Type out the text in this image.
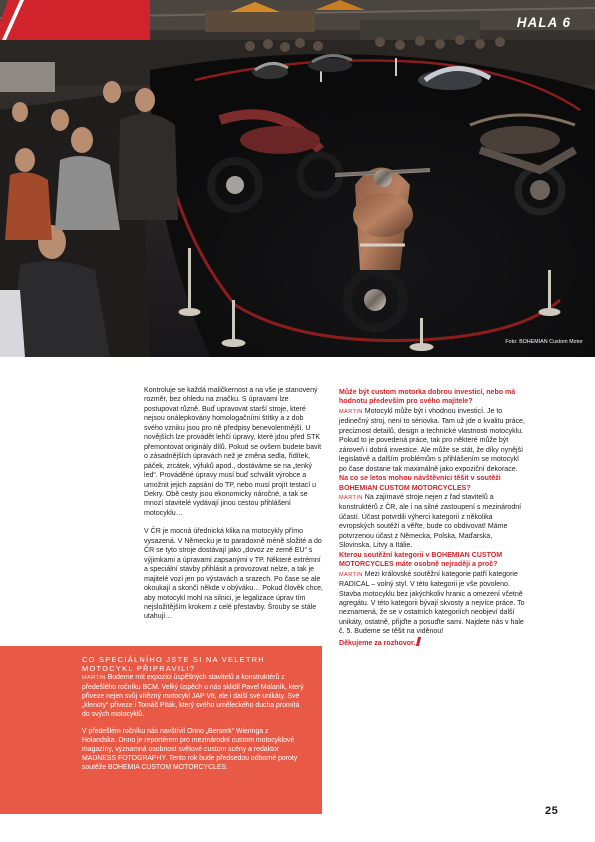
HALA 6
Foto: BOHEMIAN Custom Motor

Kontroluje se každá maličkernost a na vše je stanovený rozměr, bez ohledu na značku. S úpravami lze postupovat různě. Buď upravovat starší stroje, které nejsou onálepkovány homologačními štítky a z dob svého vzniku jsou pro ně předpisy benevolentnější. U novějších lze provádět lehčí úpravy, které jdou před STK přemontovat originály dílů. Pokud se ovšem budete bavit o zásadnějších úpravách než je změna sedla, řídítek, páček, zrcátek, výfuků apod., dostáváme se na „tenký led“. Prováděné úpravy musí buď schválit výrobce a umožnit jejich zapsání do TP, nebo musí projít testací u Dekry. Obě cesty jsou ekonomicky náročné, a tak se mnozí stavitelé vydávají jinou cestou přihlášení motocyklu…

V ČR je mocná úřednická klika na motocykly přímo vysazená. V Německu je to paradoxně méně složité a do ČR se tyto stroje dostávají jako „dovoz ze země EU“ s výjimkami a úpravami zapsanými v TP. Některé extrémní a speciální stavby přihlásit a provozovat nelze, a tak je majitelé vozí jen po výstavách a srazech. Po čase se ale okoukají a skončí někde v obýváku… Pokud člověk chce, aby motocykl mohl na silnici, je legalizace úprav tím nejsložitějším krokem z celé přestavby. Šrouby se stále utahují…

Může být custom motorka dobrou investicí, nebo má hodnotu především pro svého majitele?

MARTIN Motocykl může být i vhodnou investicí. Je to jedinečný stroj, není to sériovka. Tam už jde o kvalitu práce, preciznost detailů, design a technické vlastnosti motocyklu. Pokud to je povedená práce, tak pro některé může být zároveň i dobrá investice. Ale může se stát, že díky nynější legislativě a dalším problémům s přihlášením se motocykl po čase dostane tak maximálně jako expoziční dekorace.

Na co se letos mohou návštěvníci těšit v soutěži BOHEMIAN CUSTOM MOTORCYCLES?

MARTIN Na zajímavé stroje nejen z řad stavitelů a konstruktérů z ČR, ale i na silné zastoupení s mezinárodní účastí. Účast potvrdili výherci kategorií z několika evropských soutěží a věřte, bude co obdivovat! Máme potvrzenou účast z Německa, Polska, Maďarska, Slovinska, Litvy a Itálie.

Kterou soutěžní kategorii v BOHEMIAN CUSTOM MOTORCYCLES máte osobně nejraději a proč?

MARTIN Mezi královské soutěžní kategorie patří kategorie RADICAL – volný styl. V této kategorii je vše povoleno. Stavba motocyklu bez jakýchkoliv hranic a omezení včetně agregátu. V této kategorii bývají skvosty a nejvíce práce. To neznamená, že se v ostatních kategoriích neobjeví další unikáty, ostatně, přijďte a posuďte sami. Najdete nás v hale č. 5. Budeme se těšit na viděnou!

Děkujeme za rozhovor.

CO SPECIÁLNÍHO JSTE SI NA VELETRH MOTOCYKL PŘIPRAVILI?

MARTIN Budeme mít expozici úspěšných stavitelů a konstruktérů z předešlého ročníku BCM. Velký úspěch u nás sklidil Pavel Malaník, který přiveze nejen svůj vítězný motocykl JAP V8, ale i další své unikáty. Své „klenoty“ přiveze i Tomáš Piták, který svého uměleckého ducha promítá do svých motocyklů.

V předešlém ročníku nás navštívil Onno „Berserk“ Wieringa z Holandska. Onno je reportérem pro mezinárodní custom motocyklové magazíny, významná osobnost světové custom scény a redaktor MADNESS FOTOGRAPHY. Tento rok bude předsedou odborné poroty soutěže BOHEMIA CUSTOM MOTORCYCLES.

25
